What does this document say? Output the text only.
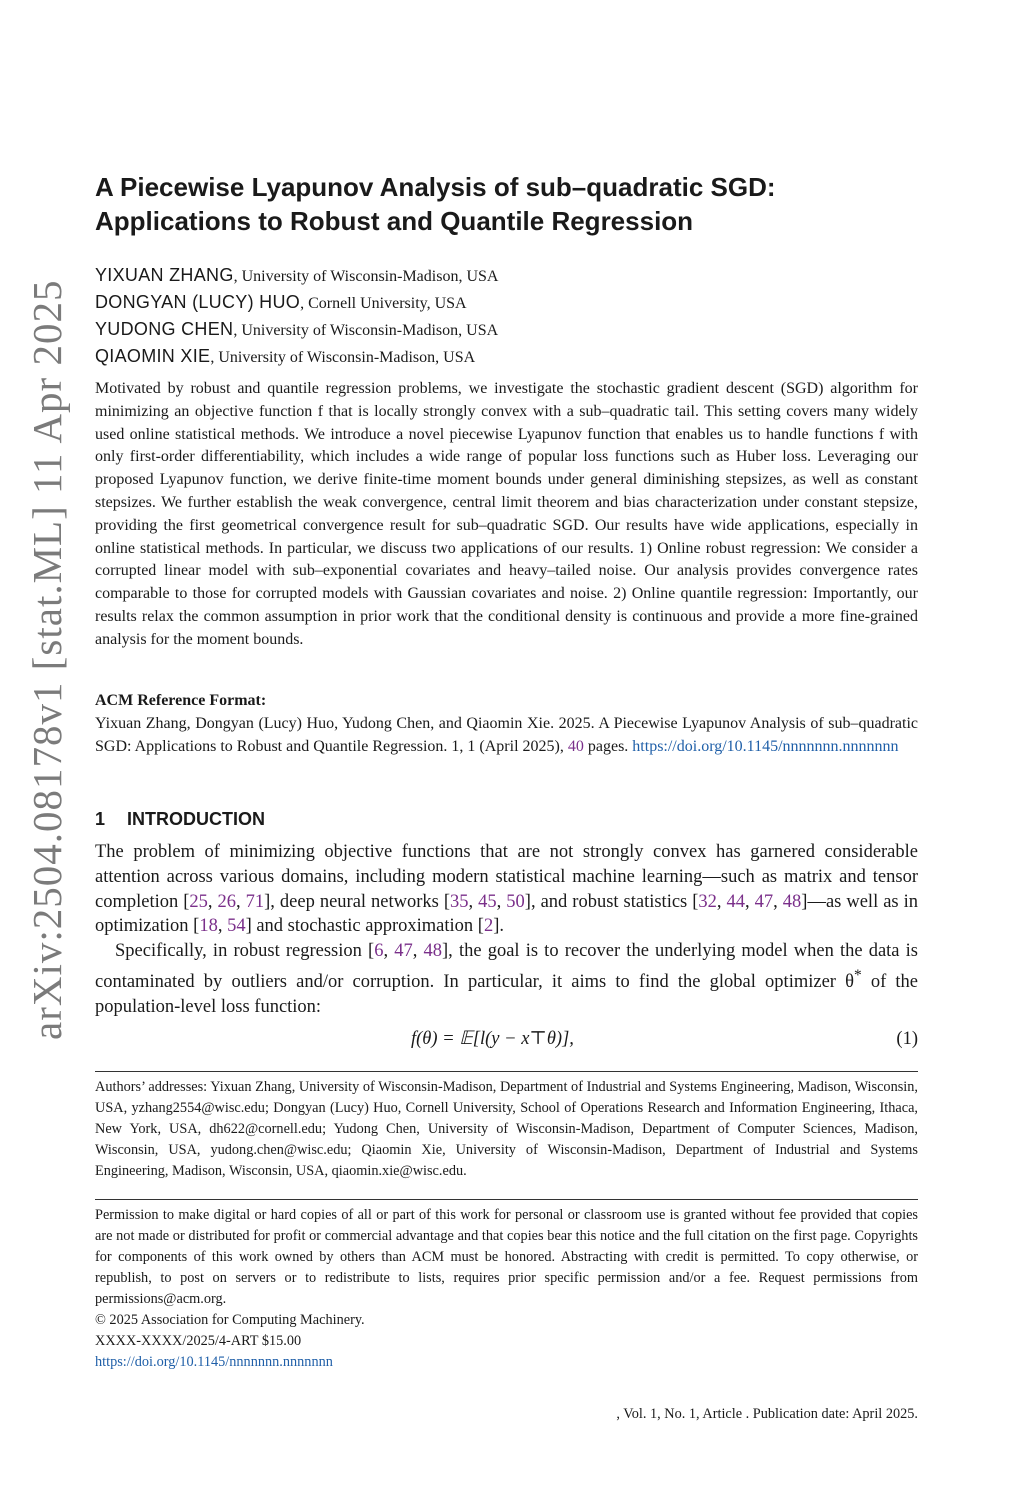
arXiv:2504.08178v1 [stat.ML] 11 Apr 2025
A Piecewise Lyapunov Analysis of sub–quadratic SGD:
Applications to Robust and Quantile Regression
YIXUAN ZHANG, University of Wisconsin-Madison, USA
DONGYAN (LUCY) HUO, Cornell University, USA
YUDONG CHEN, University of Wisconsin-Madison, USA
QIAOMIN XIE, University of Wisconsin-Madison, USA
Motivated by robust and quantile regression problems, we investigate the stochastic gradient descent (SGD) algorithm for minimizing an objective function f that is locally strongly convex with a sub–quadratic tail. This setting covers many widely used online statistical methods. We introduce a novel piecewise Lyapunov function that enables us to handle functions f with only first-order differentiability, which includes a wide range of popular loss functions such as Huber loss. Leveraging our proposed Lyapunov function, we derive finite-time moment bounds under general diminishing stepsizes, as well as constant stepsizes. We further establish the weak convergence, central limit theorem and bias characterization under constant stepsize, providing the first geometrical convergence result for sub–quadratic SGD. Our results have wide applications, especially in online statistical methods. In particular, we discuss two applications of our results. 1) Online robust regression: We consider a corrupted linear model with sub–exponential covariates and heavy–tailed noise. Our analysis provides convergence rates comparable to those for corrupted models with Gaussian covariates and noise. 2) Online quantile regression: Importantly, our results relax the common assumption in prior work that the conditional density is continuous and provide a more fine-grained analysis for the moment bounds.
ACM Reference Format:
Yixuan Zhang, Dongyan (Lucy) Huo, Yudong Chen, and Qiaomin Xie. 2025. A Piecewise Lyapunov Analysis of sub–quadratic SGD: Applications to Robust and Quantile Regression. 1, 1 (April 2025), 40 pages. https://doi.org/10.1145/nnnnnnn.nnnnnnn
1 INTRODUCTION

The problem of minimizing objective functions that are not strongly convex has garnered considerable attention across various domains, including modern statistical machine learning—such as matrix and tensor completion [25, 26, 71], deep neural networks [35, 45, 50], and robust statistics [32, 44, 47, 48]—as well as in optimization [18, 54] and stochastic approximation [2].

Specifically, in robust regression [6, 47, 48], the goal is to recover the underlying model when the data is contaminated by outliers and/or corruption. In particular, it aims to find the global optimizer θ* of the population-level loss function:

f(θ) = 𝔼[l(y − x⊤θ)],	(1)
Authors’ addresses: Yixuan Zhang, University of Wisconsin-Madison, Department of Industrial and Systems Engineering, Madison, Wisconsin, USA, yzhang2554@wisc.edu; Dongyan (Lucy) Huo, Cornell University, School of Operations Research and Information Engineering, Ithaca, New York, USA, dh622@cornell.edu; Yudong Chen, University of Wisconsin-Madison, Department of Computer Sciences, Madison, Wisconsin, USA, yudong.chen@wisc.edu; Qiaomin Xie, University of Wisconsin-Madison, Department of Industrial and Systems Engineering, Madison, Wisconsin, USA, qiaomin.xie@wisc.edu.

Permission to make digital or hard copies of all or part of this work for personal or classroom use is granted without fee provided that copies are not made or distributed for profit or commercial advantage and that copies bear this notice and the full citation on the first page. Copyrights for components of this work owned by others than ACM must be honored. Abstracting with credit is permitted. To copy otherwise, or republish, to post on servers or to redistribute to lists, requires prior specific permission and/or a fee. Request permissions from permissions@acm.org.

© 2025 Association for Computing Machinery.
XXXX-XXXX/2025/4-ART $15.00
https://doi.org/10.1145/nnnnnnn.nnnnnnn
, Vol. 1, No. 1, Article . Publication date: April 2025.
